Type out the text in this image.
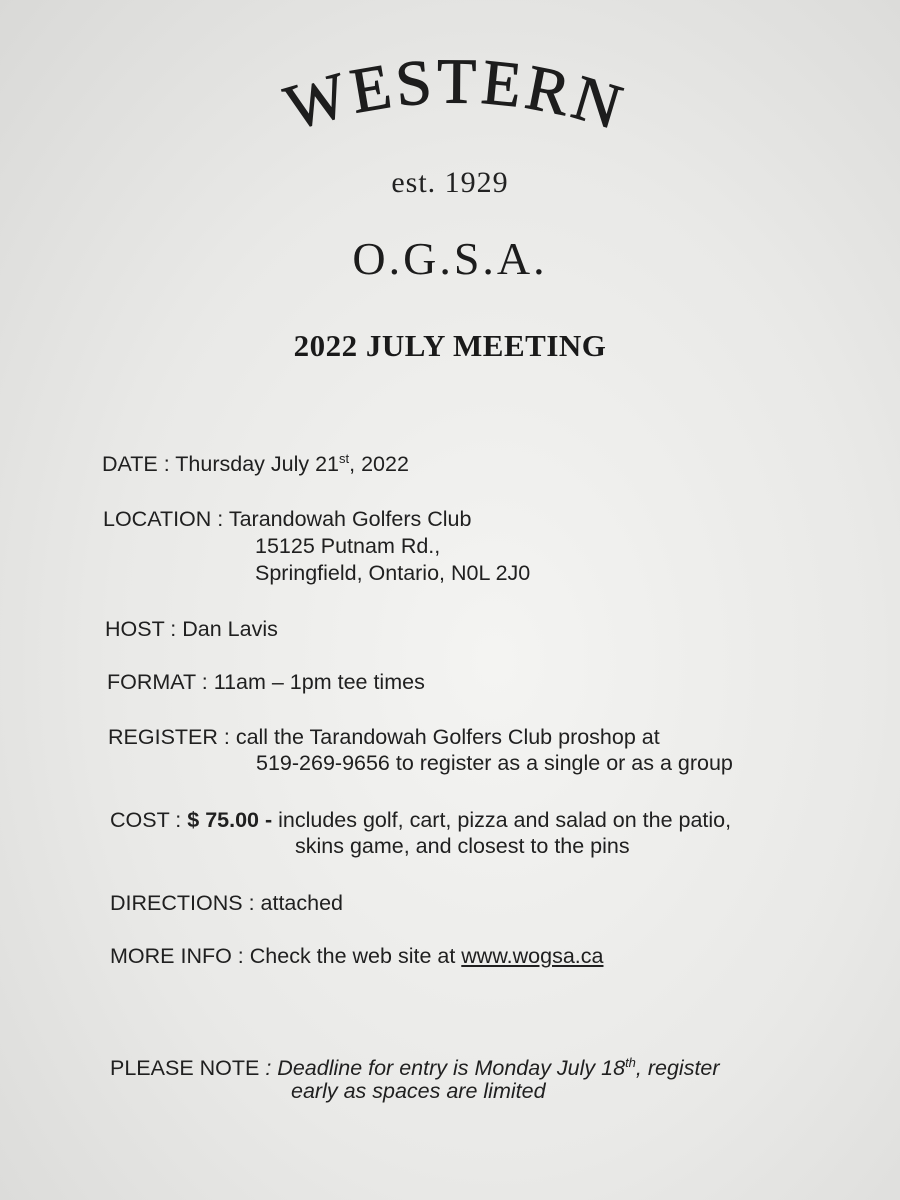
WESTERN
est. 1929
O.G.S.A.
2022 JULY MEETING
DATE : Thursday July 21st, 2022
LOCATION : Tarandowah Golfers Club
15125 Putnam Rd.,
Springfield, Ontario, N0L 2J0
HOST : Dan Lavis
FORMAT : 11am – 1pm tee times
REGISTER : call the Tarandowah Golfers Club proshop at
519-269-9656 to register as a single or as a group
COST : $ 75.00 - includes golf, cart, pizza and salad on the patio,
skins game, and closest to the pins
DIRECTIONS : attached
MORE INFO : Check the web site at www.wogsa.ca
PLEASE NOTE : Deadline for entry is Monday July 18th, register
early as spaces are limited
